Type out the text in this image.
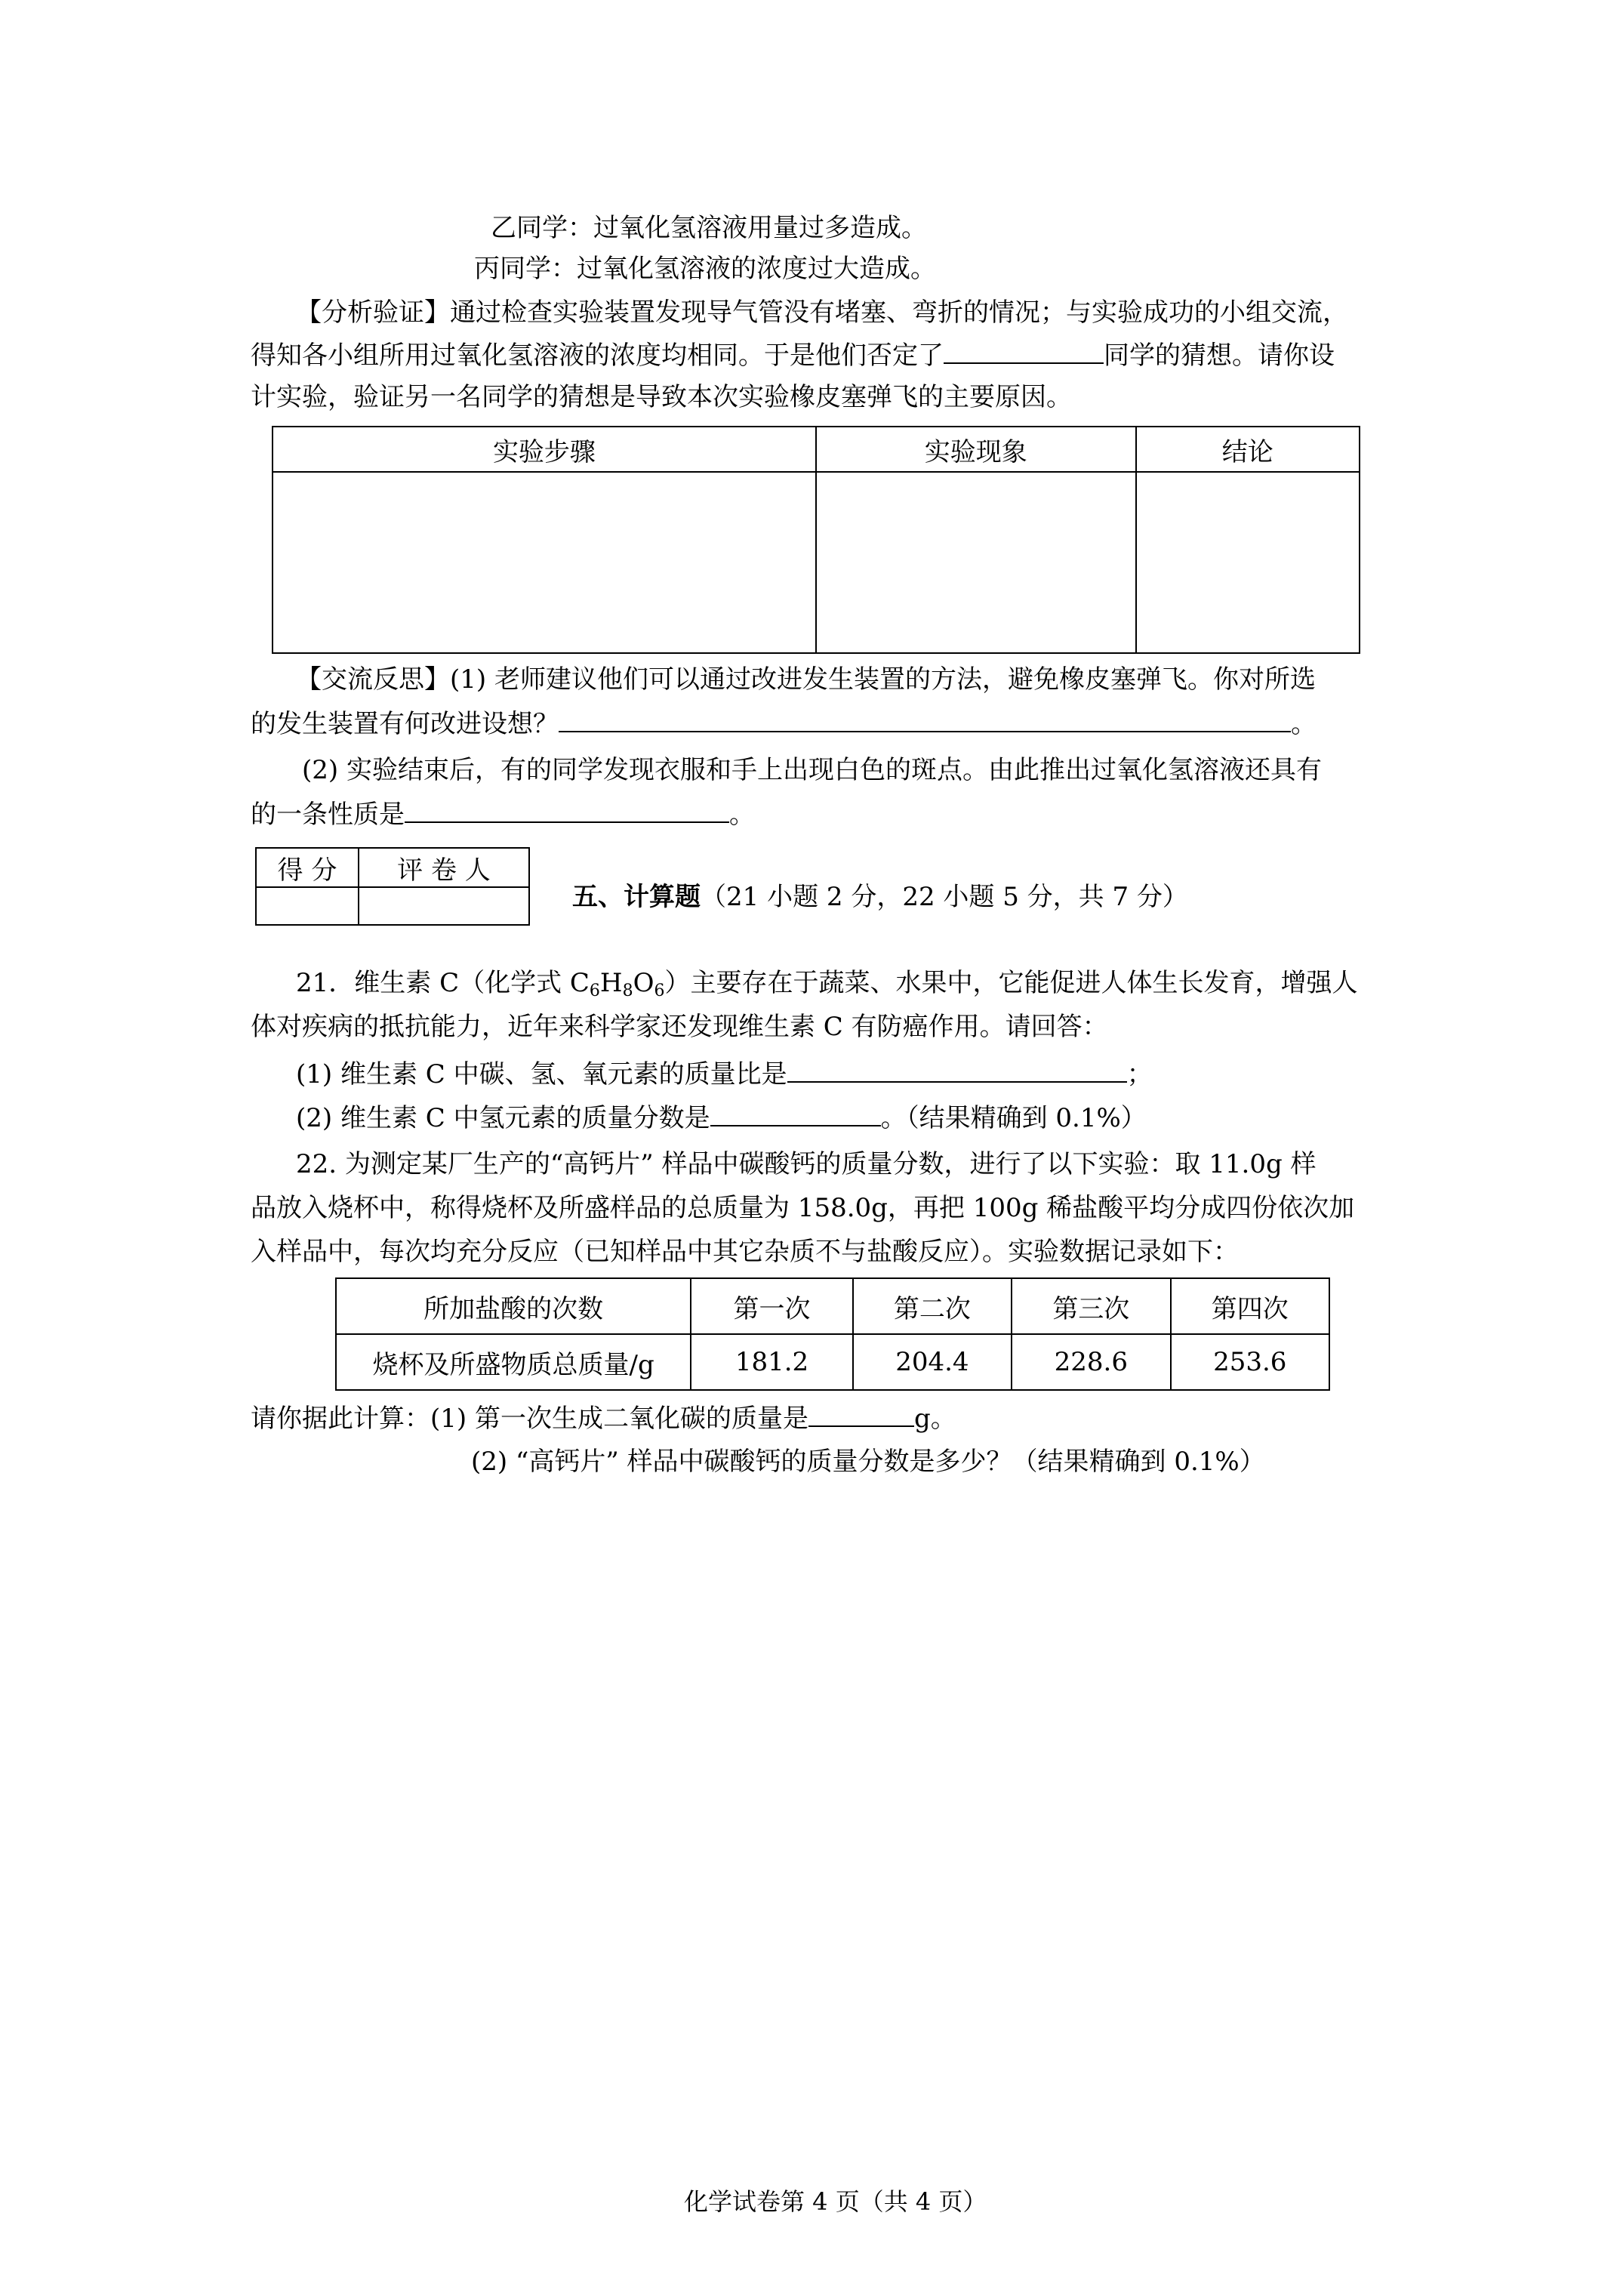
乙同学：过氧化氢溶液用量过多造成。
丙同学：过氧化氢溶液的浓度过大造成。
【分析验证】通过检查实验装置发现导气管没有堵塞、弯折的情况；与实验成功的小组交流，
得知各小组所用过氧化氢溶液的浓度均相同。于是他们否定了	同学的猜想。请你设
计实验，验证另一名同学的猜想是导致本次实验橡皮塞弹飞的主要原因。
实验步骤	实验现象	结论

【交流反思】(1) 老师建议他们可以通过改进发生装置的方法，避免橡皮塞弹飞。你对所选
的发生装置有何改进设想？	。
(2) 实验结束后，有的同学发现衣服和手上出现白色的斑点。由此推出过氧化氢溶液还具有
的一条性质是	。
得 分	评 卷 人

五、计算题（21 小题 2 分，22 小题 5 分，共 7 分）
21．维生素 C（化学式 $C_6H_8O_6$）主要存在于蔬菜、水果中，它能促进人体生长发育，增强人
体对疾病的抵抗能力，近年来科学家还发现维生素 C 有防癌作用。请回答：
(1) 维生素 C 中碳、氢、氧元素的质量比是	；
(2) 维生素 C 中氢元素的质量分数是	。（结果精确到 0.1%）
22. 为测定某厂生产的“高钙片” 样品中碳酸钙的质量分数，进行了以下实验：取 11.0g 样
品放入烧杯中，称得烧杯及所盛样品的总质量为 158.0g，再把 100g 稀盐酸平均分成四份依次加
入样品中，每次均充分反应（已知样品中其它杂质不与盐酸反应）。实验数据记录如下：
所加盐酸的次数	第一次	第二次	第三次	第四次
烧杯及所盛物质总质量/g	181.2	204.4	228.6	253.6
请你据此计算：(1) 第一次生成二氧化碳的质量是	g。
(2) “高钙片” 样品中碳酸钙的质量分数是多少？（结果精确到 0.1%）
化学试卷第 4 页（共 4 页）
